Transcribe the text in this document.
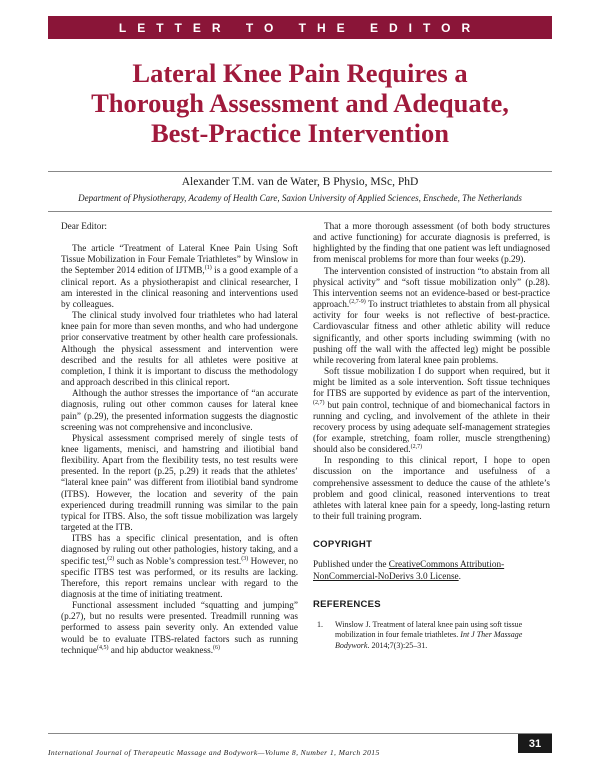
LETTER TO THE EDITOR
Lateral Knee Pain Requires a
Thorough Assessment and Adequate,
Best-Practice Intervention
Alexander T.M. van de Water, B Physio, MSc, PhD
Department of Physiotherapy, Academy of Health Care, Saxion University of Applied Sciences, Enschede, The Netherlands

Dear Editor:

The article “Treatment of Lateral Knee Pain Using Soft Tissue Mobilization in Four Female Triathletes” by Winslow in the September 2014 edition of IJTMB,$^{(1)}$ is a good example of a clinical report. As a physiotherapist and clinical researcher, I am interested in the clinical reasoning and interventions used by colleagues.

The clinical study involved four triathletes who had lateral knee pain for more than seven months, and who had undergone prior conservative treatment by other health care professionals. Although the physical assessment and intervention were described and the results for all athletes were positive at completion, I think it is important to discuss the methodology and approach described in this clinical report.

Although the author stresses the importance of “an accurate diagnosis, ruling out other common causes for lateral knee pain” (p.29), the presented information suggests the diagnostic screening was not comprehensive and inconclusive.

Physical assessment comprised merely of single tests of knee ligaments, menisci, and hamstring and iliotibial band flexibility. Apart from the flexibility tests, no test results were presented. In the report (p.25, p.29) it reads that the athletes’ “lateral knee pain” was different from iliotibial band syndrome (ITBS). However, the location and severity of the pain experienced during treadmill running was similar to the pain typical for ITBS. Also, the soft tissue mobilization was largely targeted at the ITB.

ITBS has a specific clinical presentation, and is often diagnosed by ruling out other pathologies, history taking, and a specific test,$^{(2)}$ such as Noble’s compression test.$^{(3)}$ However, no specific ITBS test was performed, or its results are lacking. Therefore, this report remains unclear with regard to the diagnosis at the time of initiating treatment.

Functional assessment included “squatting and jumping” (p.27), but no results were presented. Treadmill running was performed to assess pain severity only. An extended value would be to evaluate ITBS-related factors such as running technique$^{(4,5)}$ and hip abductor weakness.$^{(6)}$

That a more thorough assessment (of both body structures and active functioning) for accurate diagnosis is preferred, is highlighted by the finding that one patient was left undiagnosed from meniscal problems for more than four weeks (p.29).

The intervention consisted of instruction “to abstain from all physical activity” and “soft tissue mobilization only” (p.28). This intervention seems not an evidence-based or best-practice approach.$^{(2,7-9)}$ To instruct triathletes to abstain from all physical activity for four weeks is not reflective of best-practice. Cardiovascular fitness and other athletic ability will reduce significantly, and other sports including swimming (with no pushing off the wall with the affected leg) might be possible while recovering from lateral knee pain problems.

Soft tissue mobilization I do support when required, but it might be limited as a sole intervention. Soft tissue techniques for ITBS are supported by evidence as part of the intervention,$^{(2,7)}$ but pain control, technique of and biomechanical factors in running and cycling, and involvement of the athlete in their recovery process by using adequate self-management strategies (for example, stretching, foam roller, muscle strengthening) should also be considered.$^{(2,7)}$

In responding to this clinical report, I hope to open discussion on the importance and usefulness of a comprehensive assessment to deduce the cause of the athlete’s problem and good clinical, reasoned interventions to treat athletes with lateral knee pain for a speedy, long-lasting return to their full training program.

COPYRIGHT

Published under the CreativeCommons Attribution-NonCommercial-NoDerivs 3.0 License.

REFERENCES
1.	Winslow J. Treatment of lateral knee pain using soft tissue mobilization in four female triathletes. Int J Ther Massage Bodywork. 2014;7(3):25–31.
International Journal of Therapeutic Massage and Bodywork—Volume 8, Number 1, March 2015
31
